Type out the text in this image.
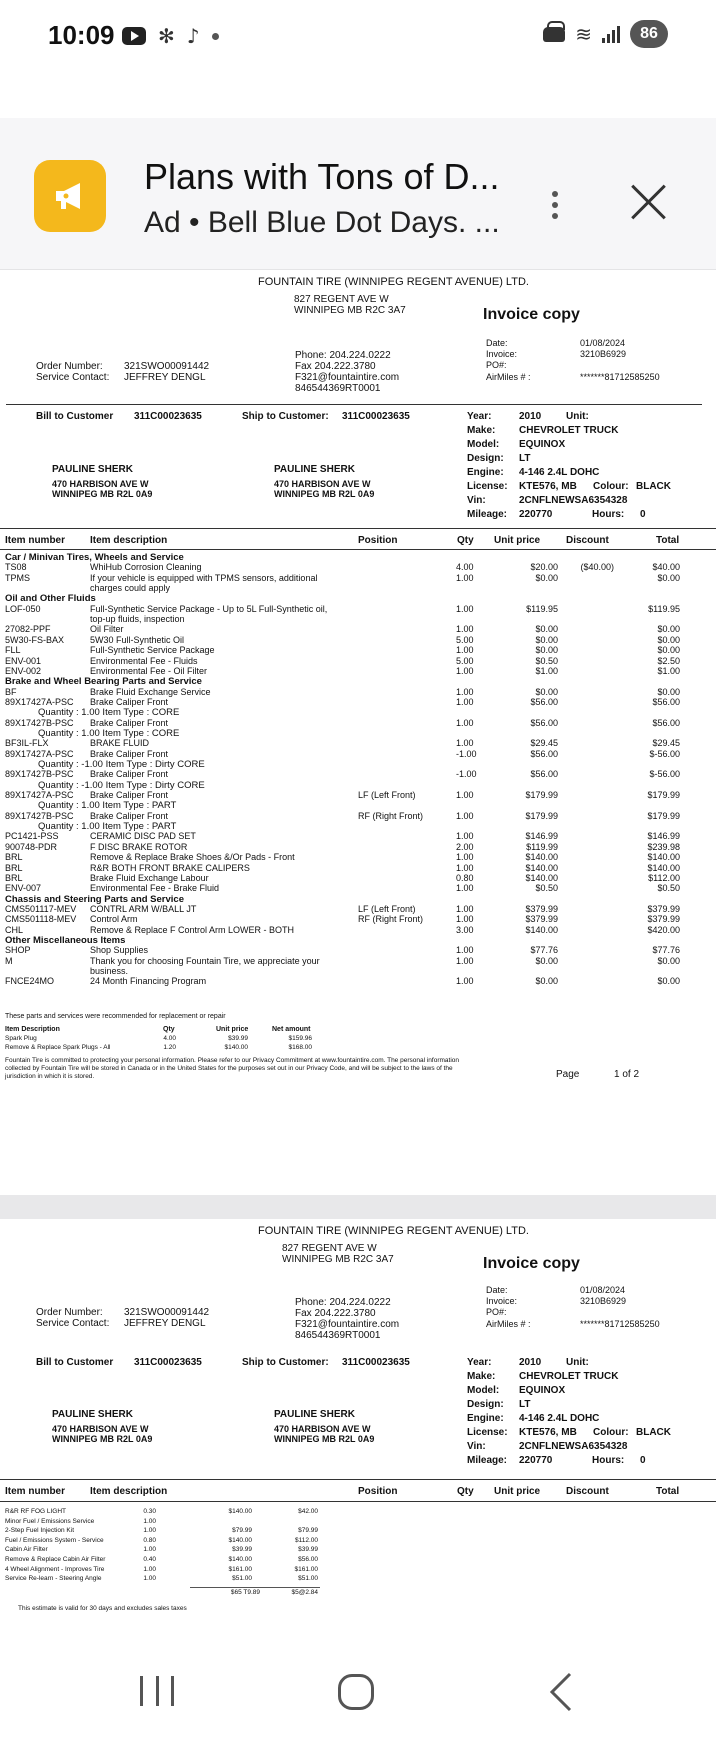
10:09 ✻ ♪	≋	86
Plans with Tons of D...
Ad • Bell Blue Dot Days. ...
FOUNTAIN TIRE (WINNIPEG REGENT AVENUE) LTD.
827 REGENT AVE W
WINNIPEG MB R2C 3A7	Invoice copy
Date:	01/08/2024
Invoice:	3210B6929
PO#:
AirMiles # :	*******81712585250
Phone: 204.224.0222
Fax 204.222.3780
F321@fountaintire.com
846544369RT0001
Order Number: 321SWO00091442
Service Contact: JEFFREY DENGL
Bill to Customer 311C00023635	Ship to Customer: 311C00023635
PAULINE SHERK
470 HARBISON AVE W
WINNIPEG MB R2L 0A9
PAULINE SHERK
470 HARBISON AVE W
WINNIPEG MB R2L 0A9
Year:	2010 Unit:
Make: CHEVROLET TRUCK
Model: EQUINOX
Design: LT
Engine: 4-146 2.4L DOHC
License: KTE576, MB Colour: BLACK
Vin:	2CNFLNEWSA6354328
Mileage: 220770	Hours: 0
Item number Item description	Position	Qty Unit price	Discount	Total
Car / Minivan Tires, Wheels and Service
TS08	WhiHub Corrosion Cleaning	4.00	$20.00	($40.00)	$40.00
TPMS	If your vehicle is equipped with TPMS sensors, additional	1.00	$0.00	$0.00
charges could apply
Oil and Other Fluids
LOF-050	Full-Synthetic Service Package - Up to 5L Full-Synthetic oil,	1.00	$119.95	$119.95
top-up fluids, inspection
27082-PPF	Oil Filter	1.00	$0.00	$0.00
5W30-FS-BAX	5W30 Full-Synthetic Oil	5.00	$0.00	$0.00
FLL	Full-Synthetic Service Package	1.00	$0.00	$0.00
ENV-001	Environmental Fee - Fluids	5.00	$0.50	$2.50
ENV-002	Environmental Fee - Oil Filter	1.00	$1.00	$1.00
Brake and Wheel Bearing Parts and Service
BF	Brake Fluid Exchange Service	1.00	$0.00	$0.00
89X17427A-PSC Brake Caliper Front	1.00	$56.00	$56.00
Quantity : 1.00 Item Type : CORE
89X17427B-PSC Brake Caliper Front	1.00	$56.00	$56.00
Quantity : 1.00 Item Type : CORE
BF3IL-FLX	BRAKE FLUID	1.00	$29.45	$29.45
89X17427A-PSC Brake Caliper Front	-1.00	$56.00	$-56.00
Quantity : -1.00 Item Type : Dirty CORE
89X17427B-PSC Brake Caliper Front	-1.00	$56.00	$-56.00
Quantity : -1.00 Item Type : Dirty CORE
89X17427A-PSC Brake Caliper Front	LF (Left Front)	1.00	$179.99	$179.99
Quantity : 1.00 Item Type : PART
89X17427B-PSC Brake Caliper Front	RF (Right Front)	1.00	$179.99	$179.99
Quantity : 1.00 Item Type : PART
PC1421-PSS	CERAMIC DISC PAD SET	1.00	$146.99	$146.99
900748-PDR	F DISC BRAKE ROTOR	2.00	$119.99	$239.98
BRL	Remove & Replace Brake Shoes &/Or Pads - Front	1.00	$140.00	$140.00
BRL	R&R BOTH FRONT BRAKE CALIPERS	1.00	$140.00	$140.00
BRL	Brake Fluid Exchange Labour	0.80	$140.00	$112.00
ENV-007	Environmental Fee - Brake Fluid	1.00	$0.50	$0.50
Chassis and Steering Parts and Service
CMS501117-MEV CONTRL ARM W/BALL JT	LF (Left Front)	1.00	$379.99	$379.99
CMS501118-MEV Control Arm	RF (Right Front)	1.00	$379.99	$379.99
CHL	Remove & Replace F Control Arm LOWER - BOTH	3.00	$140.00	$420.00
Other Miscellaneous Items
SHOP	Shop Supplies	1.00	$77.76	$77.76
M	Thank you for choosing Fountain Tire, we appreciate your	1.00	$0.00	$0.00
business.
FNCE24MO	24 Month Financing Program	1.00	$0.00	$0.00
These parts and services were recommended for replacement or repair
Item Description	Qty	Unit price	Net amount
Spark Plug	4.00	$39.99	$159.96
Remove & Replace Spark Plugs - All	1.20	$140.00	$168.00
Fountain Tire is committed to protecting your personal information. Please refer to our Privacy Commitment at www.fountaintire.com. The personal information
collected by Fountain Tire will be stored in Canada or in the United States for the purposes set out in our Privacy Code, and will be subject to the laws of the
jurisdiction in which it is stored.	Page	1 of 2
FOUNTAIN TIRE (WINNIPEG REGENT AVENUE) LTD.
827 REGENT AVE W
WINNIPEG MB R2C 3A7	Invoice copy
Date:	01/08/2024
Invoice:	3210B6929
PO#:
AirMiles # :	*******81712585250
Phone: 204.224.0222
Fax 204.222.3780
F321@fountaintire.com
846544369RT0001
Order Number: 321SWO00091442
Service Contact: JEFFREY DENGL
Bill to Customer 311C00023635	Ship to Customer: 311C00023635
PAULINE SHERK
470 HARBISON AVE W
WINNIPEG MB R2L 0A9
PAULINE SHERK
470 HARBISON AVE W
WINNIPEG MB R2L 0A9
Year:	2010 Unit:
Make: CHEVROLET TRUCK
Model: EQUINOX
Design: LT
Engine: 4-146 2.4L DOHC
License: KTE576, MB Colour: BLACK
Vin:	2CNFLNEWSA6354328
Mileage: 220770	Hours: 0
Item number Item description	Position	Qty Unit price	Discount	Total
R&R RF FOG LIGHT	0.30	$140.00	$42.00
Minor Fuel / Emissions Service	1.00
2-Step Fuel Injection Kit	1.00	$79.99	$79.99
Fuel / Emissions System - Service	0.80	$140.00	$112.00
Cabin Air Filter	1.00	$39.99	$39.99
Remove & Replace Cabin Air Filter	0.40	$140.00	$56.00
4 Wheel Alignment - Improves Tire	1.00	$161.00	$161.00
Service Re-learn - Steering Angle	1.00	$51.00	$51.00
$65 T9.89	$5@2.84
This estimate is valid for 30 days and excludes sales taxes
